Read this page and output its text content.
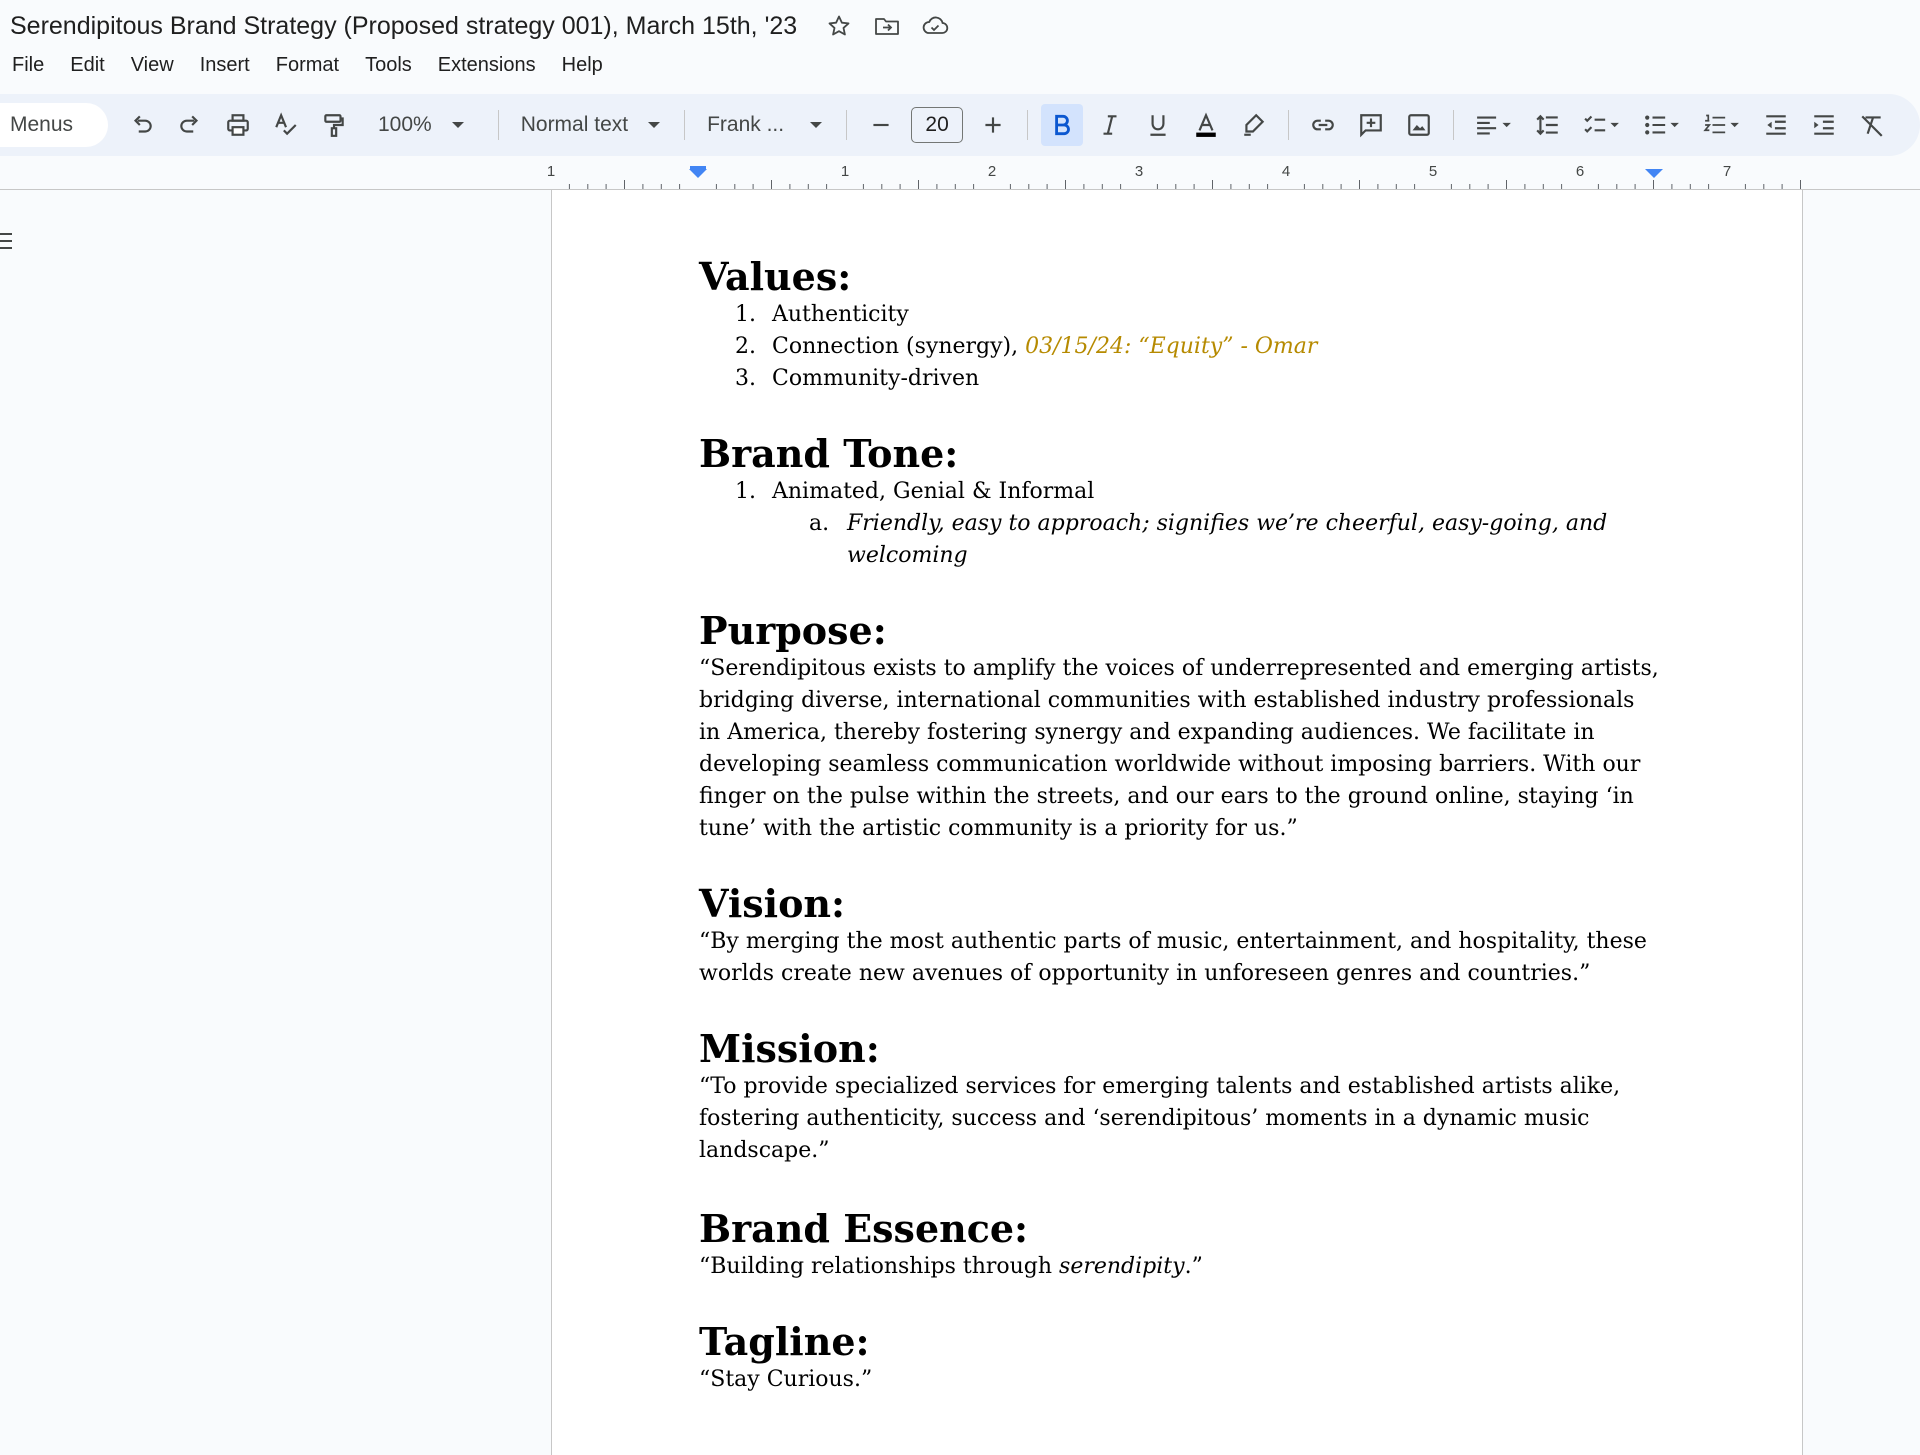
Serendipitous Brand Strategy (Proposed strategy 001), March 15th, '23
File Edit View Insert Format Tools Extensions Help
Menus	100%	Normal text	Frank ...	20
1	1	2	3	4	5	6	7
Values:
1. Authenticity
2. Connection (synergy), 03/15/24: “Equity” - Omar
3. Community-driven
Brand Tone:
1. Animated, Genial & Informal
a. Friendly, easy to approach; signifies we’re cheerful, easy-going, and welcoming
Purpose:

“Serendipitous exists to amplify the voices of underrepresented and emerging artists, bridging diverse, international communities with established industry professionals in America, thereby fostering synergy and expanding audiences. We facilitate in developing seamless communication worldwide without imposing barriers. With our finger on the pulse within the streets, and our ears to the ground online, staying ‘in tune’ with the artistic community is a priority for us.”

Vision:

“By merging the most authentic parts of music, entertainment, and hospitality, these worlds create new avenues of opportunity in unforeseen genres and countries.”

Mission:

“To provide specialized services for emerging talents and established artists alike, fostering authenticity, success and ‘serendipitous’ moments in a dynamic music landscape.”

Brand Essence:

“Building relationships through serendipity.”

Tagline:

“Stay Curious.”
